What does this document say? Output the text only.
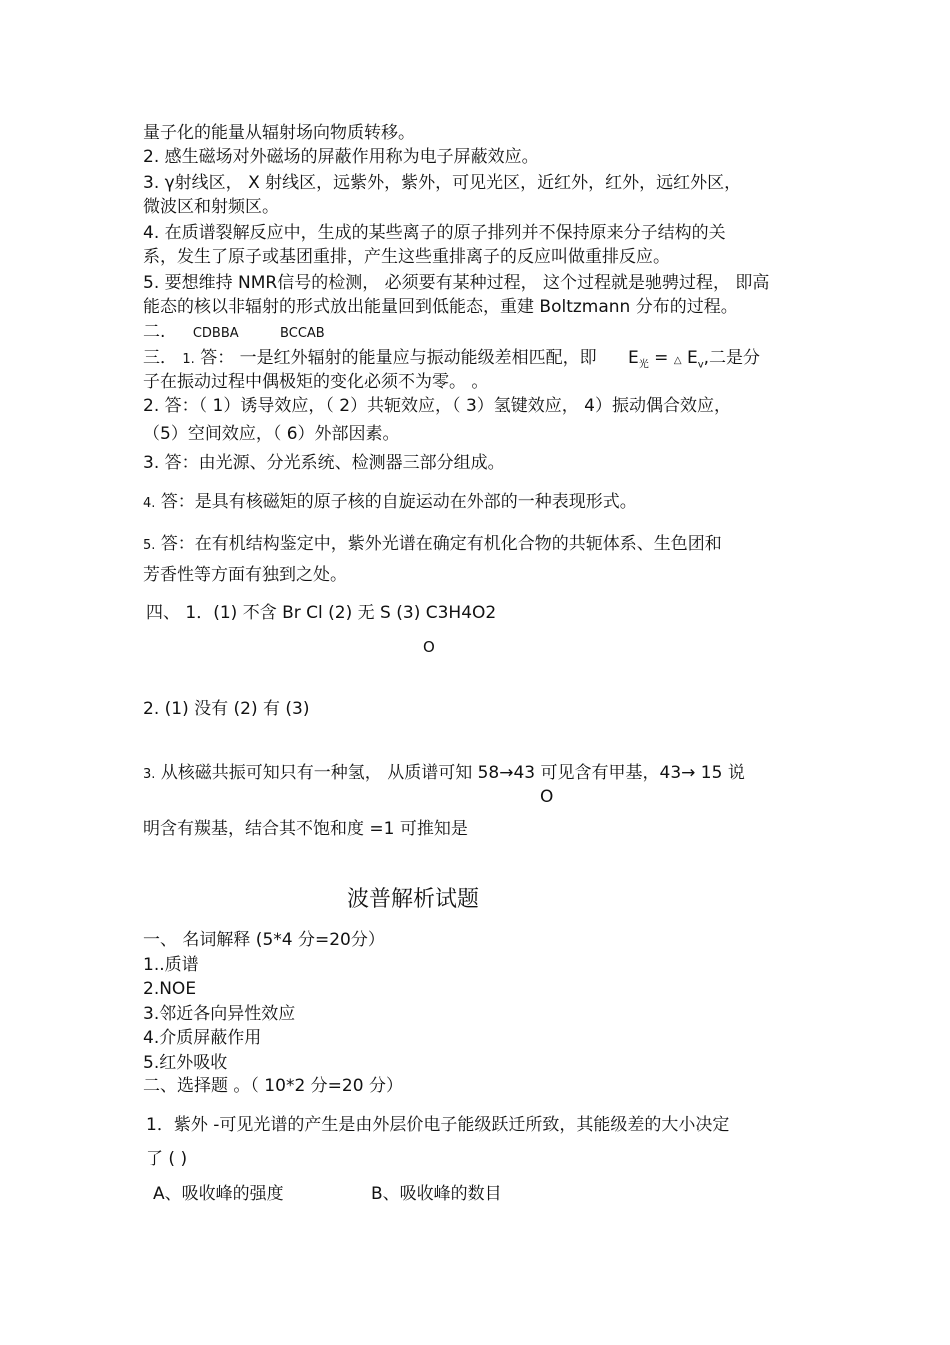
量子化的能量从辐射场向物质转移。
2. 感生磁场对外磁场的屏蔽作用称为电子屏蔽效应。
3. γ射线区， X 射线区，远紫外，紫外，可见光区，近红外，红外，远红外区，
微波区和射频区。
4. 在质谱裂解反应中，生成的某些离子的原子排列并不保持原来分子结构的关
系，发生了原子或基团重排，产生这些重排离子的反应叫做重排反应。
5. 要想维持 NMR信号的检测， 必须要有某种过程， 这个过程就是驰骋过程， 即高
能态的核以非辐射的形式放出能量回到低能态，重建 Boltzmann 分布的过程。
二. CDBBA	BCCAB
三． 1. 答： 一是红外辐射的能量应与振动能级差相匹配，即 $E_光$ = △ $E_v$,二是分
子在振动过程中偶极矩的变化必须不为零。 。
2. 答：（ 1）诱导效应，（ 2）共轭效应，（ 3）氢键效应， 4）振动偶合效应，
（5）空间效应，（ 6）外部因素。
3. 答：由光源、分光系统、检测器三部分组成。
4. 答：是具有核磁矩的原子核的自旋运动在外部的一种表现形式。
5. 答：在有机结构鉴定中，紫外光谱在确定有机化合物的共轭体系、生色团和
芳香性等方面有独到之处。
四、 1．(1) 不含 Br Cl (2) 无 S (3) C3H4O2
O
2. (1) 没有 (2) 有 (3)
3. 从核磁共振可知只有一种氢， 从质谱可知 58→43 可见含有甲基，43→ 15 说
O
明含有羰基，结合其不饱和度 =1 可推知是
波普解析试题
一、 名词解释 (5*4 分=20分）
1..质谱
2.NOE
3.邻近各向异性效应
4.介质屏蔽作用
5.红外吸收
二、选择题 。（ 10*2 分=20 分）
1．紫外 -可见光谱的产生是由外层价电子能级跃迁所致，其能级差的大小决定
了 ( )
A、吸收峰的强度	B、吸收峰的数目
